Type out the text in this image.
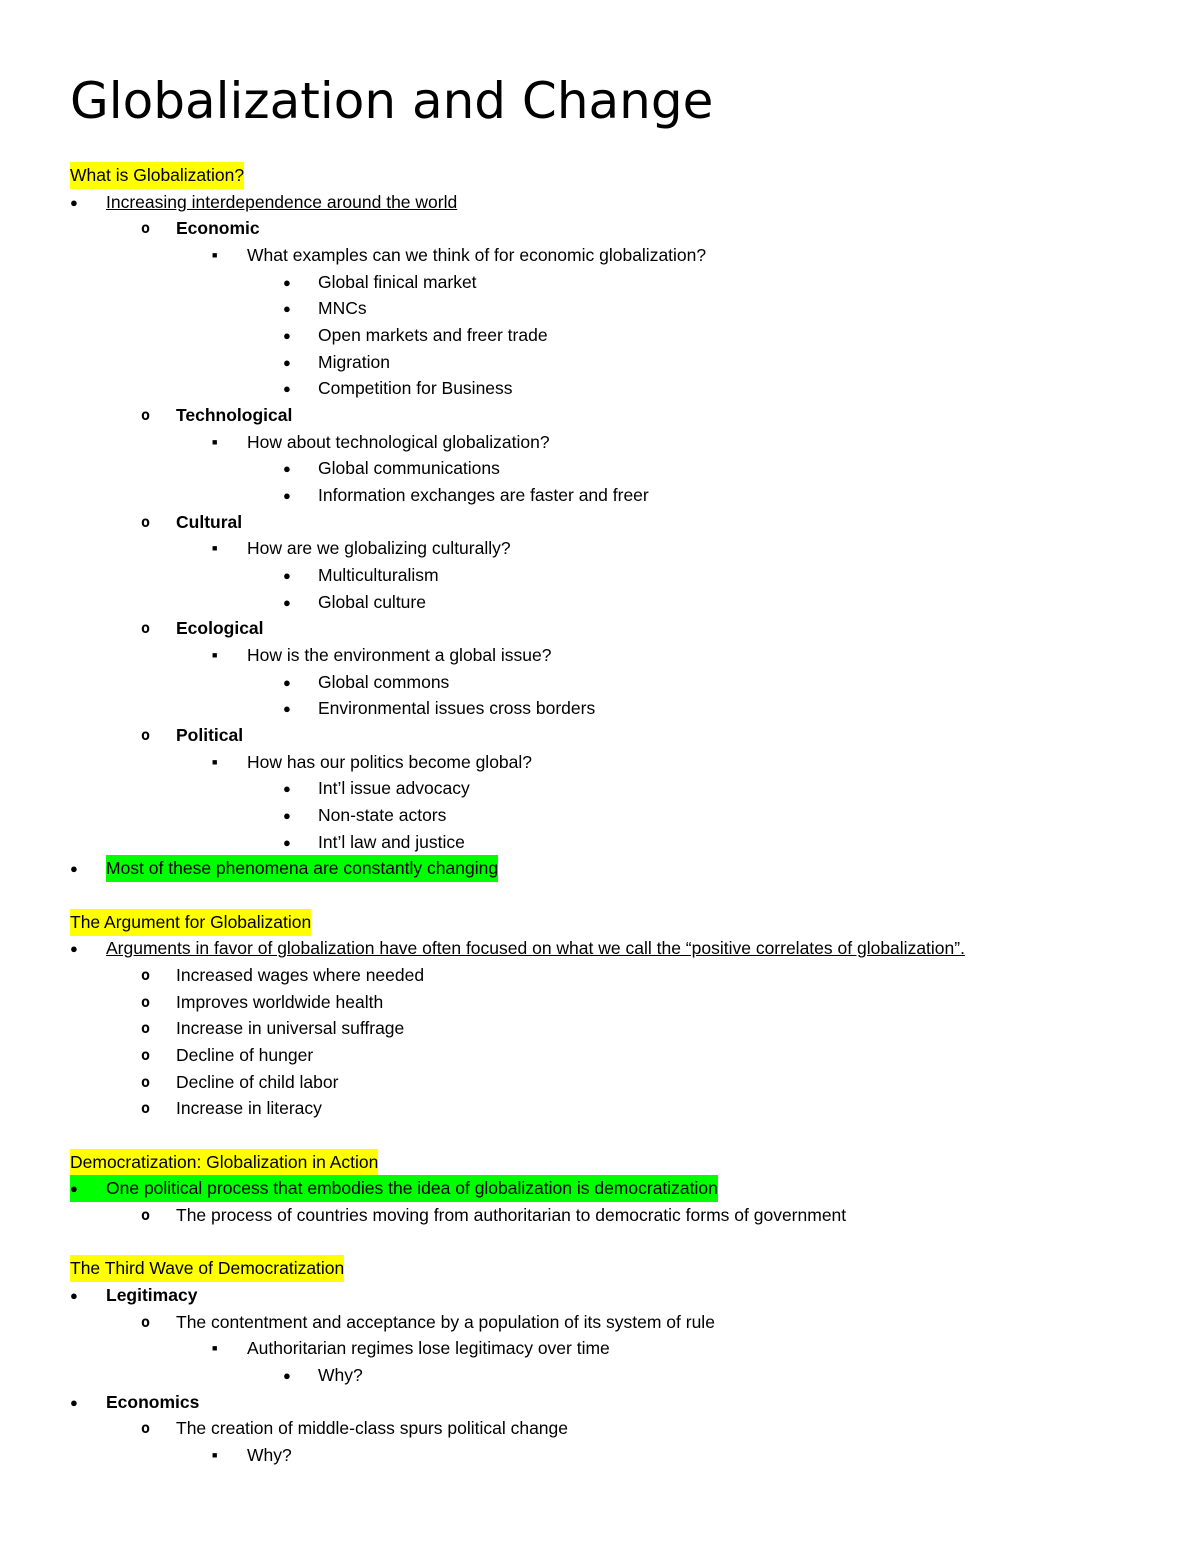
Globalization and Change
What is Globalization?
●	Increasing interdependence around the world
o	Economic
■	What examples can we think of for economic globalization?
●	Global finical market
●	MNCs
●	Open markets and freer trade
●	Migration
●	Competition for Business
o	Technological
■	How about technological globalization?
●	Global communications
●	Information exchanges are faster and freer
o	Cultural
■	How are we globalizing culturally?
●	Multiculturalism
●	Global culture
o	Ecological
■	How is the environment a global issue?
●	Global commons
●	Environmental issues cross borders
o	Political
■	How has our politics become global?
●	Int’l issue advocacy
●	Non-state actors
●	Int’l law and justice
●	Most of these phenomena are constantly changing
The Argument for Globalization
●	Arguments in favor of globalization have often focused on what we call the “positive correlates of globalization”.
o	Increased wages where needed
o	Improves worldwide health
o	Increase in universal suffrage
o	Decline of hunger
o	Decline of child labor
o	Increase in literacy
Democratization: Globalization in Action
●	One political process that embodies the idea of globalization is democratization
o	The process of countries moving from authoritarian to democratic forms of government
The Third Wave of Democratization
●	Legitimacy
o	The contentment and acceptance by a population of its system of rule
■	Authoritarian regimes lose legitimacy over time
●	Why?
●	Economics
o	The creation of middle-class spurs political change
■	Why?
